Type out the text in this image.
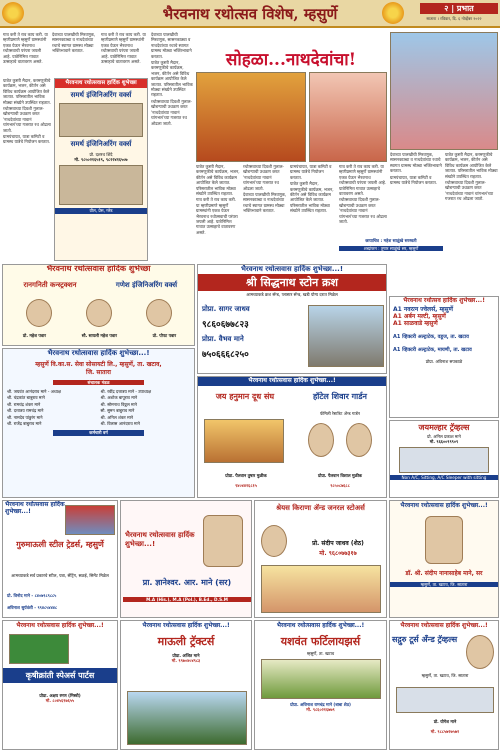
भैरवनाथ रथोत्सव विशेष, म्हसुर्णे	२ | प्रभात
सातारा । रविवार, दि. ६ नोव्हेंबर २०२२

गाव करी ते राव काय करी. या म्हणीप्रमाणे म्हसुर्णे ग्रामस्थांनी एकत्र येऊन भैरवनाथ रथोत्सवाची परंपरा जपली आहे. यात्रेनिमित्त गावात उत्साहाचे वातावरण असते.

देवाच्या पालखीची मिरवणूक, सासनकाठ्या व नाथदेवांच्या रथाचे स्वागत ग्रामस्थ मोठ्या भक्तिभावाने करतात.

गाव करी ते राव काय करी. या म्हणीप्रमाणे म्हसुर्णे ग्रामस्थांनी एकत्र येऊन भैरवनाथ रथोत्सवाची परंपरा जपली आहे. यात्रेनिमित्त गावात उत्साहाचे वातावरण असते.

भैरवनाथ रथोत्सवास हार्दिक शुभेच्छा
समर्थ इंजिनिअरिंग वर्क्स
समर्थ इंजिनिअरिंग वर्क्स
प्रो. दशरथ शिंदे
मो. ९८५०२१६५१९, ९८२२४१६५०७
ग्रील, प्रेस, ग्लेड

यात्रेत कुस्ती मैदान, करमणुकीचे कार्यक्रम, भजन, कीर्तन असे विविध कार्यक्रम आयोजित केले जातात. परिसरातील भाविक मोठ्या संख्येने उपस्थित राहतात.

रथोत्सवाच्या दिवशी गुलाल-खोबऱ्याची उधळण करत 'नाथदेवांच्या नावानं चांगभलं'च्या गजरात रथ ओढला जातो.

ग्रामपंचायत, यात्रा कमिटी व ग्रामस्थ यात्रेचे नियोजन करतात.

देवाच्या पालखीची मिरवणूक, सासनकाठ्या व नाथदेवांच्या रथाचे स्वागत ग्रामस्थ मोठ्या भक्तिभावाने करतात.

यात्रेत कुस्ती मैदान, करमणुकीचे कार्यक्रम, भजन, कीर्तन असे विविध कार्यक्रम आयोजित केले जातात. परिसरातील भाविक मोठ्या संख्येने उपस्थित राहतात.

रथोत्सवाच्या दिवशी गुलाल-खोबऱ्याची उधळण करत 'नाथदेवांच्या नावानं चांगभलं'च्या गजरात रथ ओढला जातो.

सोहळा...नाथदेवांचा!

यात्रेत कुस्ती मैदान, करमणुकीचे कार्यक्रम, भजन, कीर्तन असे विविध कार्यक्रम आयोजित केले जातात. परिसरातील भाविक मोठ्या संख्येने उपस्थित राहतात.

गाव करी ते राव काय करी. या म्हणीप्रमाणे म्हसुर्णे ग्रामस्थांनी एकत्र येऊन भैरवनाथ रथोत्सवाची परंपरा जपली आहे. यात्रेनिमित्त गावात उत्साहाचे वातावरण असते.

रथोत्सवाच्या दिवशी गुलाल-खोबऱ्याची उधळण करत 'नाथदेवांच्या नावानं चांगभलं'च्या गजरात रथ ओढला जातो.

देवाच्या पालखीची मिरवणूक, सासनकाठ्या व नाथदेवांच्या रथाचे स्वागत ग्रामस्थ मोठ्या भक्तिभावाने करतात.

ग्रामपंचायत, यात्रा कमिटी व ग्रामस्थ यात्रेचे नियोजन करतात.

यात्रेत कुस्ती मैदान, करमणुकीचे कार्यक्रम, भजन, कीर्तन असे विविध कार्यक्रम आयोजित केले जातात. परिसरातील भाविक मोठ्या संख्येने उपस्थित राहतात.

गाव करी ते राव काय करी. या म्हणीप्रमाणे म्हसुर्णे ग्रामस्थांनी एकत्र येऊन भैरवनाथ रथोत्सवाची परंपरा जपली आहे. यात्रेनिमित्त गावात उत्साहाचे वातावरण असते.

रथोत्सवाच्या दिवशी गुलाल-खोबऱ्याची उधळण करत 'नाथदेवांच्या नावानं चांगभलं'च्या गजरात रथ ओढला जातो.

देवाच्या पालखीची मिरवणूक, सासनकाठ्या व नाथदेवांच्या रथाचे स्वागत ग्रामस्थ मोठ्या भक्तिभावाने करतात.

ग्रामपंचायत, यात्रा कमिटी व ग्रामस्थ यात्रेचे नियोजन करतात.

यात्रेत कुस्ती मैदान, करमणुकीचे कार्यक्रम, भजन, कीर्तन असे विविध कार्यक्रम आयोजित केले जातात. परिसरातील भाविक मोठ्या संख्येने उपस्थित राहतात.

रथोत्सवाच्या दिवशी गुलाल-खोबऱ्याची उधळण करत 'नाथदेवांच्या नावानं चांगभलं'च्या गजरात रथ ओढला जातो.

छायाचित्र : महेश साळुंखे सरस्वती
शब्दांकन : तुषार साळुंखे सर, म्हसुर्णे
भैरवनाथ रथोत्सवास हार्दिक शुभेच्छा
रानगनिती कन्स्ट्रक्शन	गणेश इंजिनिअरिंग वर्क्स
प्रो. महेश पवार	सौ. सायली महेश पवार	प्रो. पोपट पवार
भैरवनाथ रथोत्सवास हार्दिक शुभेच्छा...!
श्री सिद्धनाथ स्टोन क्रश
आमच्याकडे क्रश सॅन्ड, प्लास्टर सॅन्ड, खडी योग्य दरात मिळेल
प्रोप्रा. सागर जाधव
९८६०६७७८२३
प्रोप्रा. वैभव माने
७५०६६६८२५०
भैरवनाथ रथोत्सव हार्दिक शुभेच्छा...!
A1 नवरत्न ज्वेलर्स, म्हसुर्णे
A1 अर्बन मल्टी, म्हसुर्णे
A1 साळवाडे म्हसुर्णे
A1 व्हिक्टरी अल्ट्राटेक, वडूज, ता. खटाव
A1 व्हिक्टरी अल्ट्राटेक, मायणी, ता. खटाव
प्रोप्रा. अविनाश सपकाळे
भैरवनाथ रथोत्सवास हार्दिक शुभेच्छा...!
म्हसुर्णे वि.का.स. सेवा सोसायटी लि., म्हसुर्णे, ता. खटाव, जि. सातारा
संचालक मंडळ
श्री. जयवंत आनंदराव माने - अध्यक्ष	श्री. रवींद्र दत्तात्रय माने - उपाध्यक्ष
श्री. चंद्रकांत बाबुराव माने	श्री. अशोक बापूराव माने
श्री. रामचंद्र शंकर माने	श्री. सोमनाथ विठ्ठल माने
श्री. दत्तात्रय रामचंद्र माने	सौ. सुमन बाबुराव माने
श्री. नामदेव पांडुरंग माने	श्री. अनिल शंकर माने
श्री. राजेंद्र बाबुराव माने	श्री. विलास आनंदराव माने
कर्मचारी वर्ग
भैरवनाथ रथोत्सवास हार्दिक शुभेच्छा...!
जय हनुमान दूध संघ	हॉटेल शिवार गार्डन
फॅमिली रेस्टॉरंट ॲन्ड गार्डन
प्रोप्रा. पैलवान तुषार मुळीक
९४०४४२६८१५
प्रोप्रा. पैलवान विशाल मुळीक
९८५०८७६८८
जयमल्हार ट्रॅव्हल्स
प्रो. अनिल प्रकाश माने
मो. ९६६००९९९०९
Non A/C, Sitting, A/C Sleeper with sitting
भैरवनाथ रथोत्सवास हार्दिक शुभेच्छा...!
गुरुमाऊली स्टील ट्रेडर्स, म्हसुर्णे
आमच्याकडे सर्व प्रकारचे स्टील, पत्रा, सेंट्रिंग, सळई, सिमेंट मिळेल
प्रो. विनोद माने - ८४०७९८९८८५
अविनाश सुर्यवंशी - ९९४८५४४४८
भैरवनाथ रथोत्सवास हार्दिक शुभेच्छा...!
प्रा. ज्ञानेश्वर. आर. माने (सर)
M.A (His.), M.A (Pol.), B.Ed., D.S.M
श्रेयस किराणा ॲन्ड जनरल स्टोअर्स
प्रो. संदीप जाधव (शेठ)
मो. ९६८०७७३१७
भैरवनाथ रथोत्सवास हार्दिक शुभेच्छा...!
डॉ. श्री. संदीप नानासाहेब माने, सर
म्हसुर्णे, ता. खटाव, जि. सातारा
भैरवनाथ रथोत्सवास हार्दिक शुभेच्छा...!
कृषीक्रांती स्पेअर्स पार्टस
प्रोप्रा. अक्षय रमण (मिस्त्री)
मो. ८०४५६९७६५५
भैरवनाथ रथोत्सवास हार्दिक शुभेच्छा...!
माऊली ट्रॅक्टर्स
प्रोप्रा. अजित माने
मो. ९९७०४०४९८३
भैरवनाथ रथोत्सवास हार्दिक शुभेच्छा...!
यशवंत फर्टिलायझर्स
म्हसुर्णे, ता. खटाव
प्रोप्रा. अविनाश रामचंद्र माने (बाबा शेठ)
मो. ९८६०२१६७७९
भैरवनाथ रथोत्सवास हार्दिक शुभेच्छा...!
सद्गुरु टूर्स अँन्ड ट्रॅव्हल्स
म्हसुर्णे, ता. खटाव, जि. सातारा
प्रो. योगेश माने
मो. ९८८५७२७५७२
